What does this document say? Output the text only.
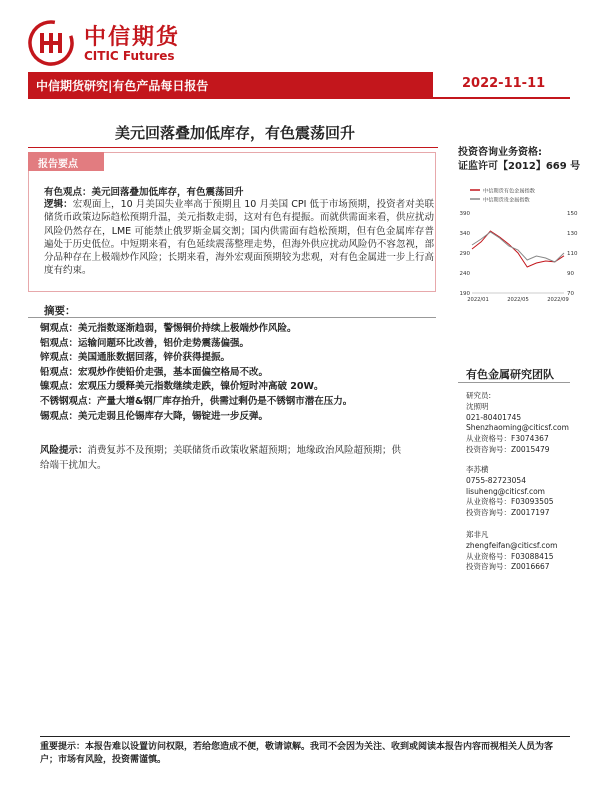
中信期货
CITIC Futures
中信期货研究|有色产品每日报告	2022-11-11
美元回落叠加低库存，有色震荡回升
投资咨询业务资格:
证监许可【2012】669 号
报告要点
有色观点：美元回落叠加低库存，有色震荡回升
逻辑：宏观面上，10 月美国失业率高于预期且 10 月美国 CPI 低于市场预期，投资者对美联储货币政策边际趋松预期升温，美元指数走弱，这对有色有提振。而就供需面来看，供应扰动风险仍然存在，LME 可能禁止俄罗斯金属交割；国内供需面有趋松预期，但有色金属库存普遍处于历史低位。中短期来看，有色延续震荡整理走势，但海外供应扰动风险仍不容忽视，部分品种存在上极端炒作风险；长期来看，海外宏观面预期较为悲观，对有色金属进一步上行高度有约束。
中信期货有色金属指数
中信期货贵金属指数
390
340
290
240
190
150
130
110
90
70
2022/01	2022/05	2022/09
摘要：
铜观点：美元指数逐渐趋弱，警惕铜价持续上极端炒作风险。
铝观点：运输问题环比改善，铝价走势震荡偏强。
锌观点：美国通胀数据回落，锌价获得提振。
铅观点：宏观炒作使铅价走强，基本面偏空格局不改。
镍观点：宏观压力缓释美元指数继续走跌，镍价短时冲高破 20W。
不锈钢观点：产量大增&钢厂库存抬升，供需过剩仍是不锈钢市潜在压力。
锡观点：美元走弱且伦锡库存大降，锡锭进一步反弹。
风险提示：消费复苏不及预期；美联储货币政策收紧超预期；地缘政治风险超预期；供给端干扰加大。
有色金属研究团队
研究员:
沈照明
021-80401745
Shenzhaoming@citicsf.com
从业资格号：F3074367
投资咨询号：Z0015479
李苏横
0755-82723054
lisuheng@citicsf.com
从业资格号：F03093505
投资咨询号：Z0017197
郑非凡
zhengfeifan@citicsf.com
从业资格号：F03088415
投资咨询号：Z0016667
重要提示：本报告难以设置访问权限，若给您造成不便，敬请谅解。我司不会因为关注、收到或阅读本报告内容而视相关人员为客户；市场有风险，投资需谨慎。
